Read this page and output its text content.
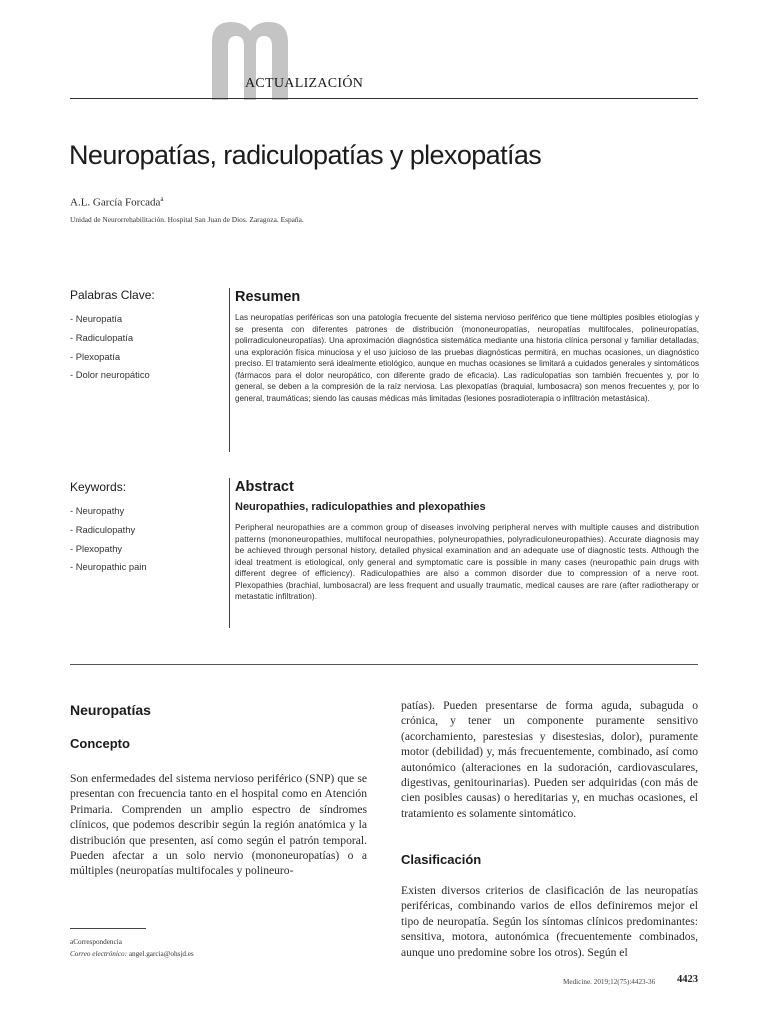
ACTUALIZACIÓN
Neuropatías, radiculopatías y plexopatías
A.L. García Forcada$^a$
Unidad de Neurorrehabilitación. Hospital San Juan de Dios. Zaragoza. España.
Palabras Clave:
- Neuropatía
- Radiculopatía
- Plexopatía
- Dolor neuropático
Resumen

Las neuropatías periféricas son una patología frecuente del sistema nervioso periférico que tiene múltiples posibles etiologías y se presenta con diferentes patrones de distribución (mononeuropatías, neuropatías multifocales, polineuropatías, polirradiculoneuropatías). Una aproximación diagnóstica sistemática mediante una historia clínica personal y familiar detalladas, una exploración física minuciosa y el uso juicioso de las pruebas diagnósticas permitirá, en muchas ocasiones, un diagnóstico preciso. El tratamiento será idealmente etiológico, aunque en muchas ocasiones se limitará a cuidados generales y sintomáticos (fármacos para el dolor neuropático, con diferente grado de eficacia). Las radiculopatías son también frecuentes y, por lo general, se deben a la compresión de la raíz nerviosa. Las plexopatías (braquial, lumbosacra) son menos frecuentes y, por lo general, traumáticas; siendo las causas médicas más limitadas (lesiones posradioterapia o infiltración metastásica).

Keywords:
- Neuropathy
- Radiculopathy
- Plexopathy
- Neuropathic pain
Abstract
Neuropathies, radiculopathies and plexopathies

Peripheral neuropathies are a common group of diseases involving peripheral nerves with multiple causes and distribution patterns (mononeuropathies, multifocal neuropathies, polyneuropathies, polyradiculoneuropathies). Accurate diagnosis may be achieved through personal history, detailed physical examination and an adequate use of diagnostic tests. Although the ideal treatment is etiological, only general and symptomatic care is possible in many cases (neuropathic pain drugs with different degree of efficiency). Radiculopathies are also a common disorder due to compression of a nerve root. Plexopathies (brachial, lumbosacral) are less frequent and usually traumatic, medical causes are rare (after radiotherapy or metastatic infiltration).

Neuropatías
Concepto

Son enfermedades del sistema nervioso periférico (SNP) que se presentan con frecuencia tanto en el hospital como en Atención Primaria. Comprenden un amplio espectro de síndromes clínicos, que podemos describir según la región anatómica y la distribución que presenten, así como según el patrón temporal. Pueden afectar a un solo nervio (mononeuropatías) o a múltiples (neuropatías multifocales y polineuro-

aCorrespondencia
Correo electrónico: angel.garcia@ohsjd.es

patías). Pueden presentarse de forma aguda, subaguda o crónica, y tener un componente puramente sensitivo (acorchamiento, parestesias y disestesias, dolor), puramente motor (debilidad) y, más frecuentemente, combinado, así como autonómico (alteraciones en la sudoración, cardiovasculares, digestivas, genitourinarias). Pueden ser adquiridas (con más de cien posibles causas) o hereditarias y, en muchas ocasiones, el tratamiento es solamente sintomático.

Clasificación

Existen diversos criterios de clasificación de las neuropatías periféricas, combinando varios de ellos definiremos mejor el tipo de neuropatía. Según los síntomas clínicos predominantes: sensitiva, motora, autonómica (frecuentemente combinados, aunque uno predomine sobre los otros). Según el

Medicine. 2019;12(75):4423-36 4423
